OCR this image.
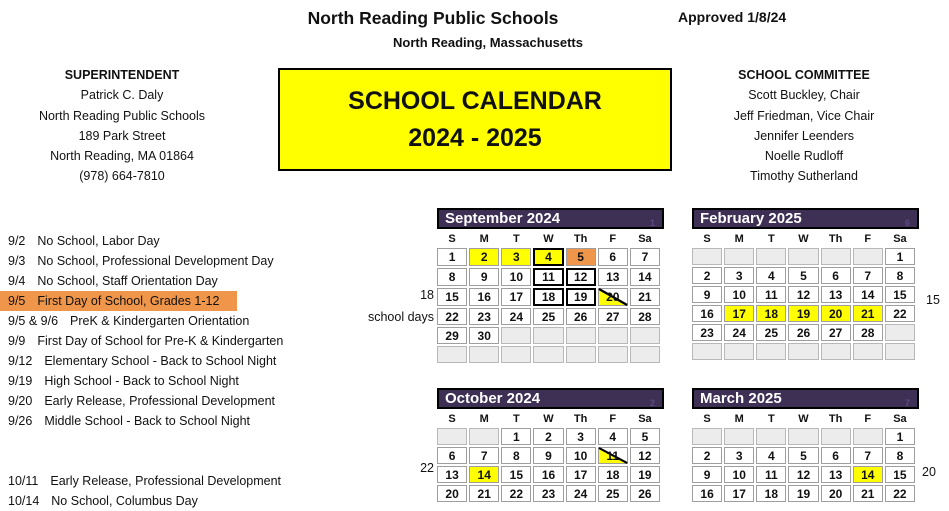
North Reading Public Schools
North Reading, Massachusetts
Approved 1/8/24
SUPERINTENDENT
Patrick C. Daly
North Reading Public Schools
189 Park Street
North Reading, MA 01864
(978) 664-7810
SCHOOL CALENDAR
2024 - 2025
SCHOOL COMMITTEE
Scott Buckley, Chair
Jeff Friedman, Vice Chair
Jennifer Leenders
Noelle Rudloff
Timothy Sutherland
9/2 No School, Labor Day
9/3 No School, Professional Development Day
9/4 No School, Staff Orientation Day
9/5 First Day of School, Grades 1-12
9/5 & 9/6 PreK & Kindergarten Orientation
9/9 First Day of School for Pre-K & Kindergarten
9/12 Elementary School - Back to School Night
9/19 High School - Back to School Night
9/20 Early Release, Professional Development
9/26 Middle School - Back to School Night
10/11 Early Release, Professional Development
10/14 No School, Columbus Day
September 2024	1
S	M	T	W	Th	F	Sa
1	2	3	4	5	6	7
8	9	10	11	12	13	14
15	16	17	18	19	20	21
22	23	24	25	26	27	28
29	30					

February 2025	6
S	M	T	W	Th	F	Sa
						1
2	3	4	5	6	7	8
9	10	11	12	13	14	15
16	17	18	19	20	21	22
23	24	25	26	27	28	

October 2024	2
S	M	T	W	Th	F	Sa
		1	2	3	4	5
6	7	8	9	10	11	12
13	14	15	16	17	18	19
20	21	22	23	24	25	26
March 2025	7
S	M	T	W	Th	F	Sa
						1
2	3	4	5	6	7	8
9	10	11	12	13	14	15
16	17	18	19	20	21	22
18
school days
15
22	20
